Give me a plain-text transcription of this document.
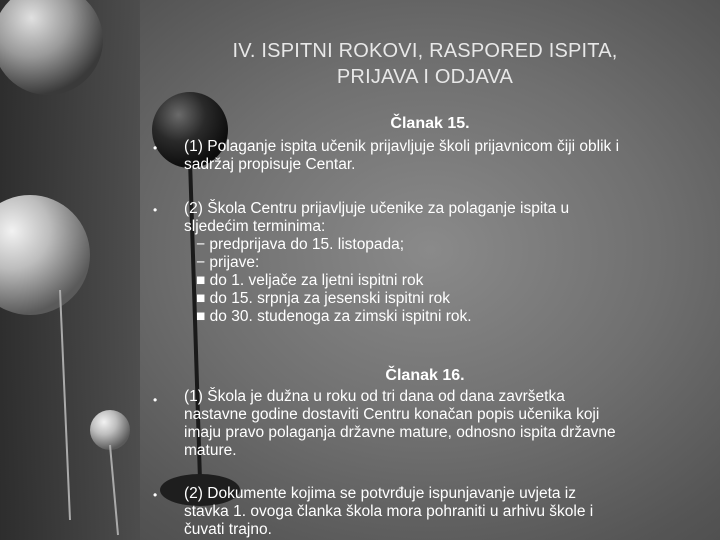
IV. ISPITNI ROKOVI, RASPORED ISPITA,
PRIJAVA I ODJAVA
Članak 15.
• (1) Polaganje ispita učenik prijavljuje školi prijavnicom čiji oblik i
sadržaj propisuje Centar.
• (2) Škola Centru prijavljuje učenike za polaganje ispita u
sljedećim terminima:
− predprijava do 15. listopada;
− prijave:
■ do 1. veljače za ljetni ispitni rok
■ do 15. srpnja za jesenski ispitni rok
■ do 30. studenoga za zimski ispitni rok.
Članak 16.
• (1) Škola je dužna u roku od tri dana od dana završetka
nastavne godine dostaviti Centru konačan popis učenika koji
imaju pravo polaganja državne mature, odnosno ispita državne
mature.
• (2) Dokumente kojima se potvrđuje ispunjavanje uvjeta iz
stavka 1. ovoga članka škola mora pohraniti u arhivu škole i
čuvati trajno.
